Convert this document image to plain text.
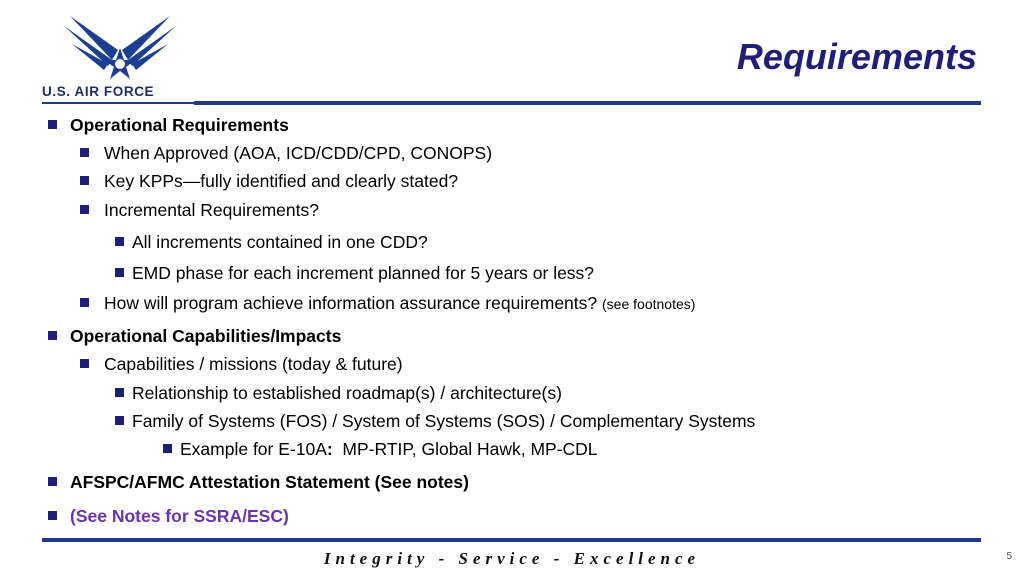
U.S. AIR FORCE
Requirements
Operational Requirements
When Approved (AOA, ICD/CDD/CPD, CONOPS)
Key KPPs—fully identified and clearly stated?
Incremental Requirements?
All increments contained in one CDD?
EMD phase for each increment planned for 5 years or less?
How will program achieve information assurance requirements? (see footnotes)
Operational Capabilities/Impacts
Capabilities / missions (today & future)
Relationship to established roadmap(s) / architecture(s)
Family of Systems (FOS) / System of Systems (SOS) / Complementary Systems
Example for E-10A:  MP-RTIP, Global Hawk, MP-CDL
AFSPC/AFMC Attestation Statement (See notes)
(See Notes for SSRA/ESC)
Integrity - Service - Excellence	5
